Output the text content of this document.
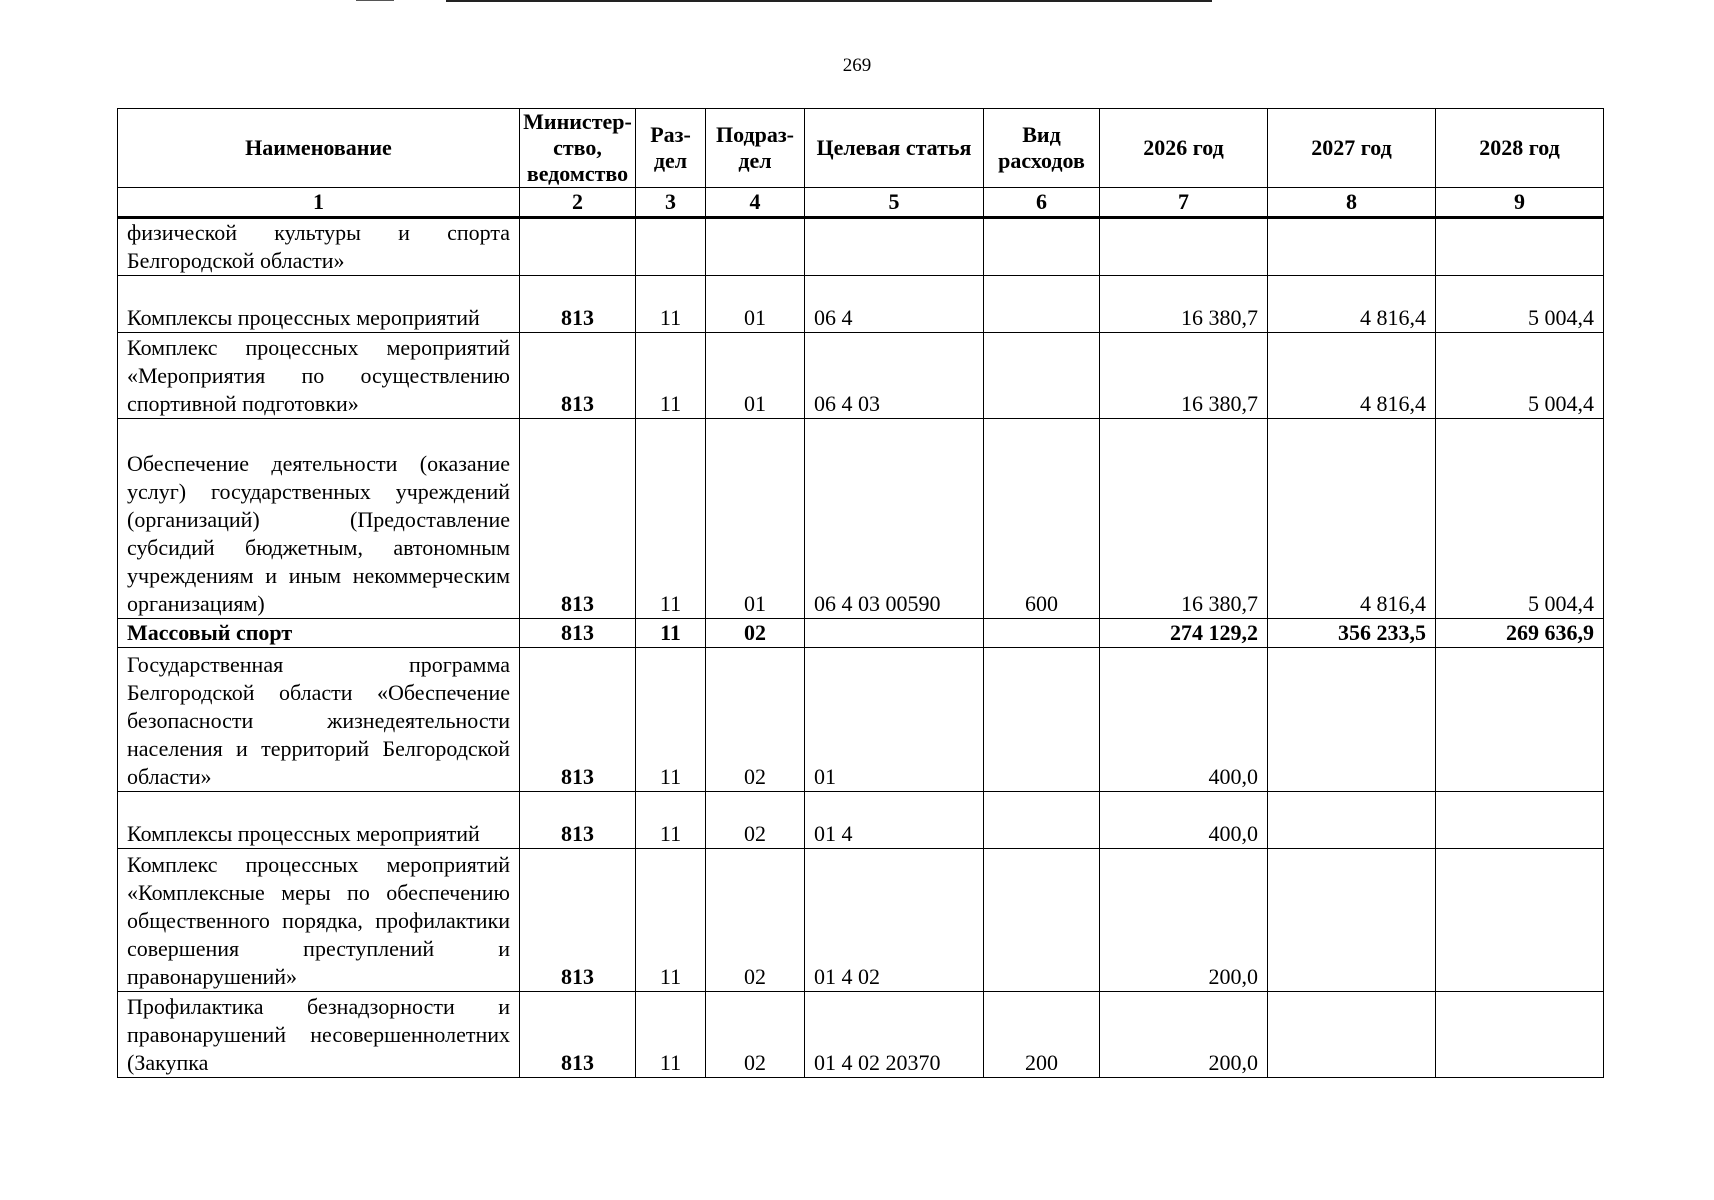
269
Наименование	Министер-ство, ведомство	Раз-дел	Подраз-дел	Целевая статья	Вид расходов	2026 год	2027 год	2028 год
1	2	3	4	5	6	7	8	9
физической культуры и спорта Белгородской области»								
Комплексы процессных мероприятий	813	11	01	06 4		16 380,7	4 816,4	5 004,4
Комплекс процессных мероприятий «Мероприятия по осуществлению спортивной подготовки»	813	11	01	06 4 03		16 380,7	4 816,4	5 004,4
Обеспечение деятельности (оказание услуг) государственных учреждений (организаций) (Предоставление субсидий бюджетным, автономным учреждениям и иным некоммерческим организациям)	813	11	01	06 4 03 00590	600	16 380,7	4 816,4	5 004,4
Массовый спорт	813	11	02			274 129,2	356 233,5	269 636,9
Государственная программа Белгородской области «Обеспечение безопасности жизнедеятельности населения и территорий Белгородской области»	813	11	02	01		400,0		
Комплексы процессных мероприятий	813	11	02	01 4		400,0		
Комплекс процессных мероприятий «Комплексные меры по обеспечению общественного порядка, профилактики совершения преступлений и правонарушений»	813	11	02	01 4 02		200,0		
Профилактика безнадзорности и правонарушений несовершеннолетних (Закупка	813	11	02	01 4 02 20370	200	200,0		
